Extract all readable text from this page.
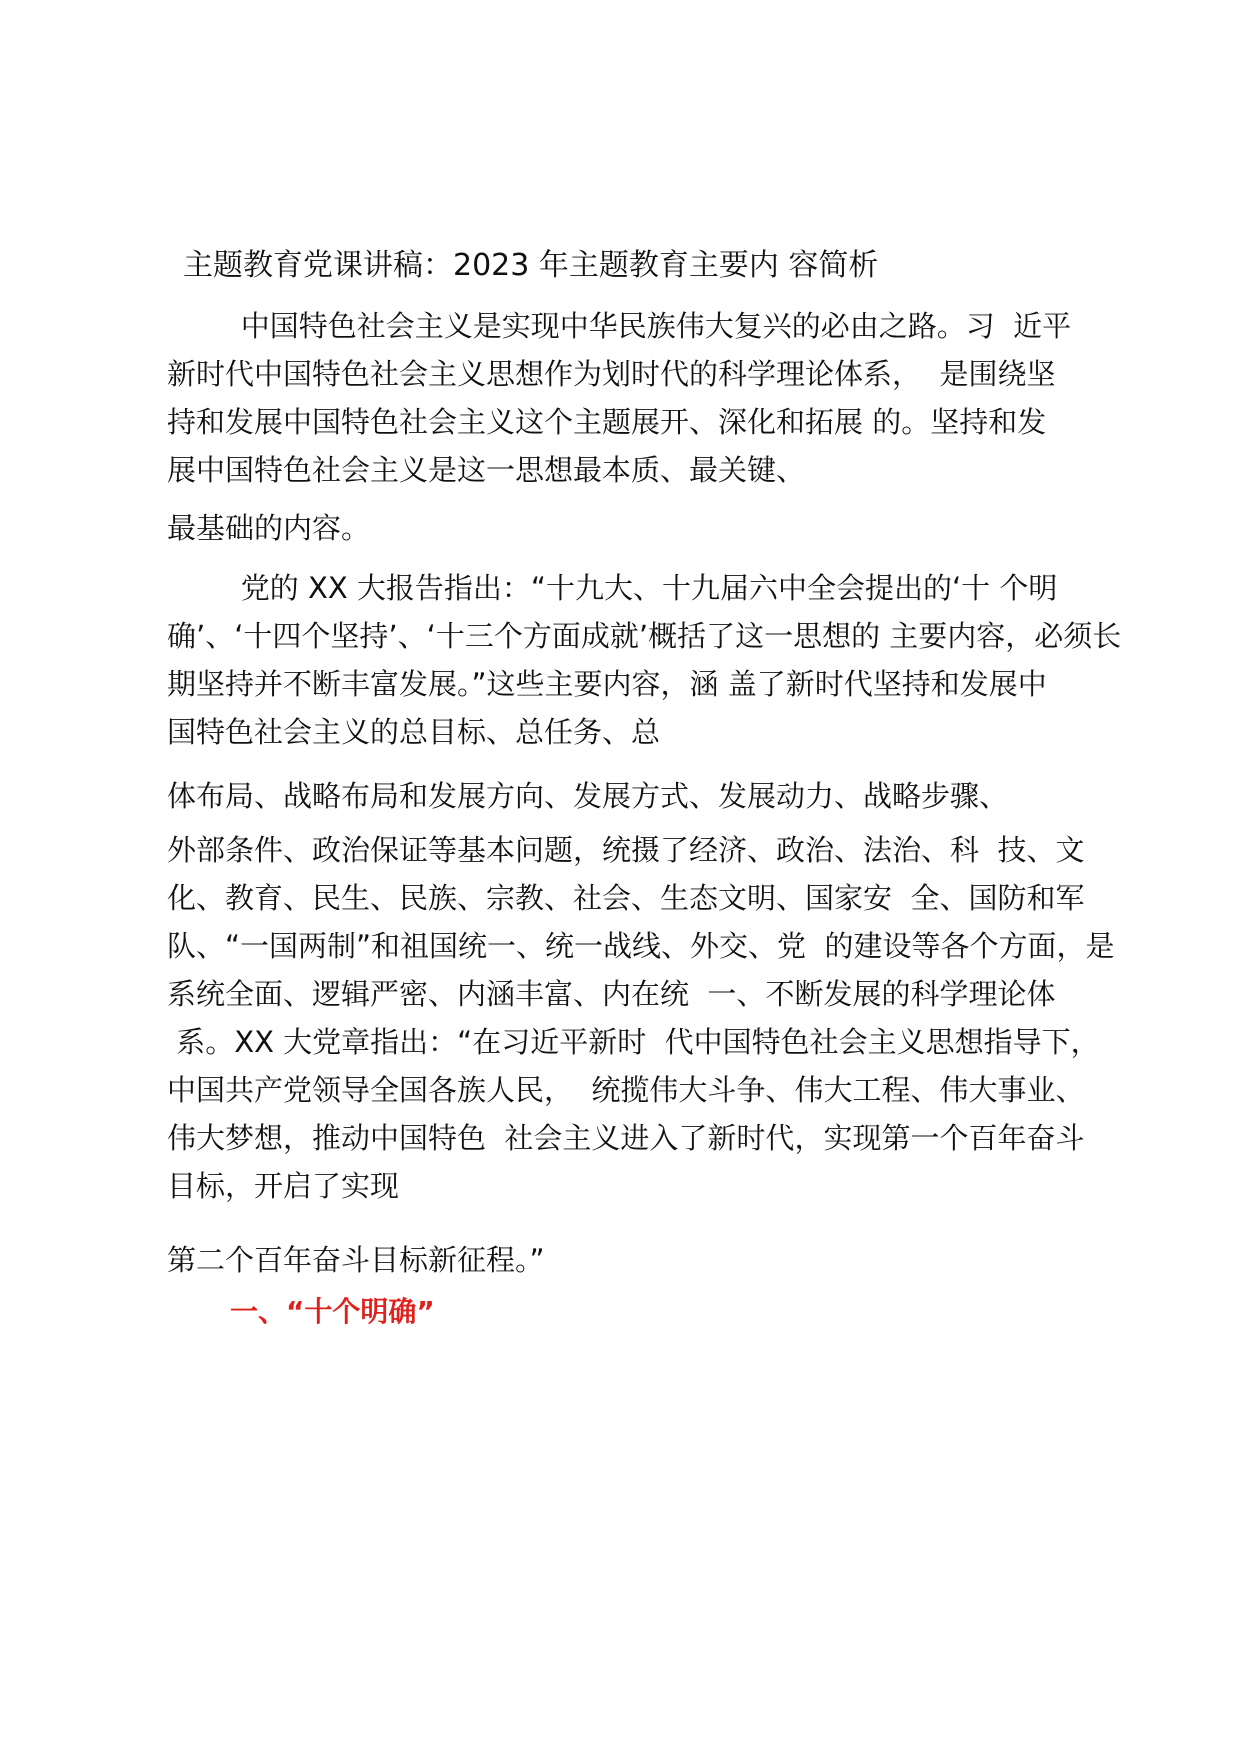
主题教育党课讲稿：2023 年主题教育主要内 容简析
中国特色社会主义是实现中华民族伟大复兴的必由之路。习  近平
新时代中国特色社会主义思想作为划时代的科学理论体系，  是围绕坚
持和发展中国特色社会主义这个主题展开、深化和拓展 的。坚持和发
展中国特色社会主义是这一思想最本质、最关键、
最基础的内容。
党的 XX 大报告指出：“十九大、十九届六中全会提出的‘十 个明
确’、‘十四个坚持’、‘十三个方面成就’概括了这一思想的 主要内容，必须长
期坚持并不断丰富发展。”这些主要内容，涵 盖了新时代坚持和发展中
国特色社会主义的总目标、总任务、总
体布局、战略布局和发展方向、发展方式、发展动力、战略步骤、
外部条件、政治保证等基本问题，统摄了经济、政治、法治、科  技、文
化、教育、民生、民族、宗教、社会、生态文明、国家安  全、国防和军
队、“一国两制”和祖国统一、统一战线、外交、党  的建设等各个方面，是
系统全面、逻辑严密、内涵丰富、内在统  一、不断发展的科学理论体
系。XX 大党章指出：“在习近平新时  代中国特色社会主义思想指导下，
中国共产党领导全国各族人民，  统揽伟大斗争、伟大工程、伟大事业、
伟大梦想，推动中国特色  社会主义进入了新时代，实现第一个百年奋斗
目标，开启了实现
第二个百年奋斗目标新征程。”
一、“十个明确”
